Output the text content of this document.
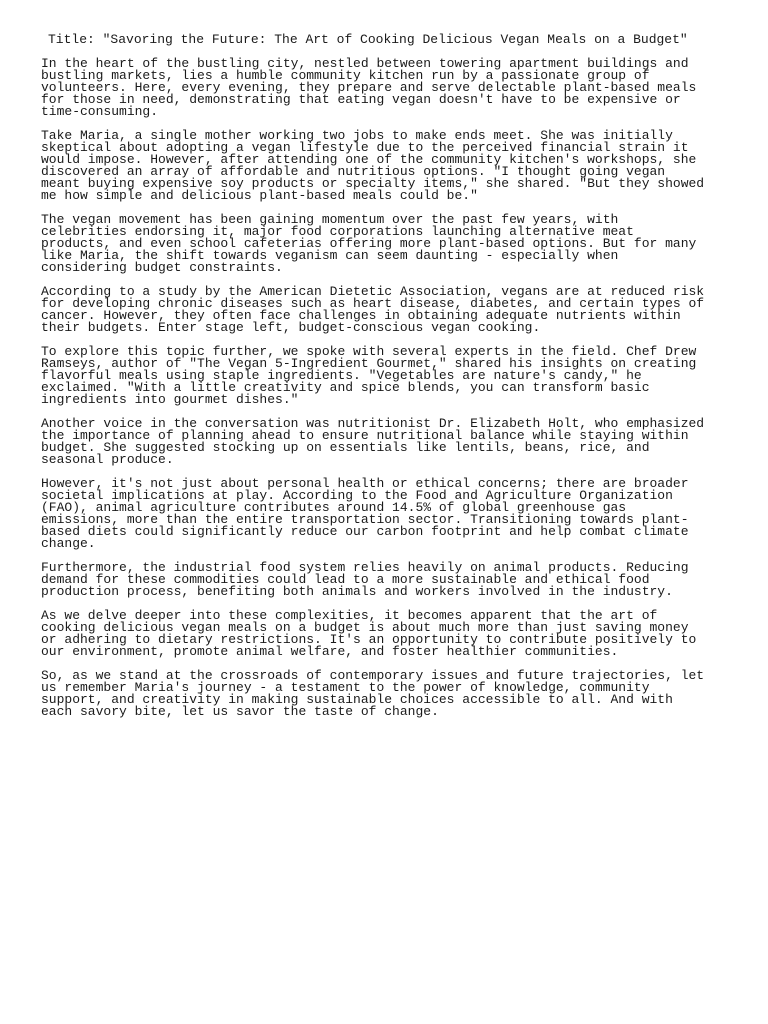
Title: "Savoring the Future: The Art of Cooking Delicious Vegan Meals on a Budget"

In the heart of the bustling city, nestled between towering apartment buildings and
bustling markets, lies a humble community kitchen run by a passionate group of
volunteers. Here, every evening, they prepare and serve delectable plant-based meals
for those in need, demonstrating that eating vegan doesn't have to be expensive or
time-consuming.

Take Maria, a single mother working two jobs to make ends meet. She was initially
skeptical about adopting a vegan lifestyle due to the perceived financial strain it
would impose. However, after attending one of the community kitchen's workshops, she
discovered an array of affordable and nutritious options. "I thought going vegan
meant buying expensive soy products or specialty items," she shared. "But they showed
me how simple and delicious plant-based meals could be."

The vegan movement has been gaining momentum over the past few years, with
celebrities endorsing it, major food corporations launching alternative meat
products, and even school cafeterias offering more plant-based options. But for many
like Maria, the shift towards veganism can seem daunting - especially when
considering budget constraints.

According to a study by the American Dietetic Association, vegans are at reduced risk
for developing chronic diseases such as heart disease, diabetes, and certain types of
cancer. However, they often face challenges in obtaining adequate nutrients within
their budgets. Enter stage left, budget-conscious vegan cooking.

To explore this topic further, we spoke with several experts in the field. Chef Drew
Ramseys, author of "The Vegan 5-Ingredient Gourmet," shared his insights on creating
flavorful meals using staple ingredients. "Vegetables are nature's candy," he
exclaimed. "With a little creativity and spice blends, you can transform basic
ingredients into gourmet dishes."

Another voice in the conversation was nutritionist Dr. Elizabeth Holt, who emphasized
the importance of planning ahead to ensure nutritional balance while staying within
budget. She suggested stocking up on essentials like lentils, beans, rice, and
seasonal produce.

However, it's not just about personal health or ethical concerns; there are broader
societal implications at play. According to the Food and Agriculture Organization
(FAO), animal agriculture contributes around 14.5% of global greenhouse gas
emissions, more than the entire transportation sector. Transitioning towards plant-
based diets could significantly reduce our carbon footprint and help combat climate
change.

Furthermore, the industrial food system relies heavily on animal products. Reducing
demand for these commodities could lead to a more sustainable and ethical food
production process, benefiting both animals and workers involved in the industry.

As we delve deeper into these complexities, it becomes apparent that the art of
cooking delicious vegan meals on a budget is about much more than just saving money
or adhering to dietary restrictions. It's an opportunity to contribute positively to
our environment, promote animal welfare, and foster healthier communities.

So, as we stand at the crossroads of contemporary issues and future trajectories, let
us remember Maria's journey - a testament to the power of knowledge, community
support, and creativity in making sustainable choices accessible to all. And with
each savory bite, let us savor the taste of change.
